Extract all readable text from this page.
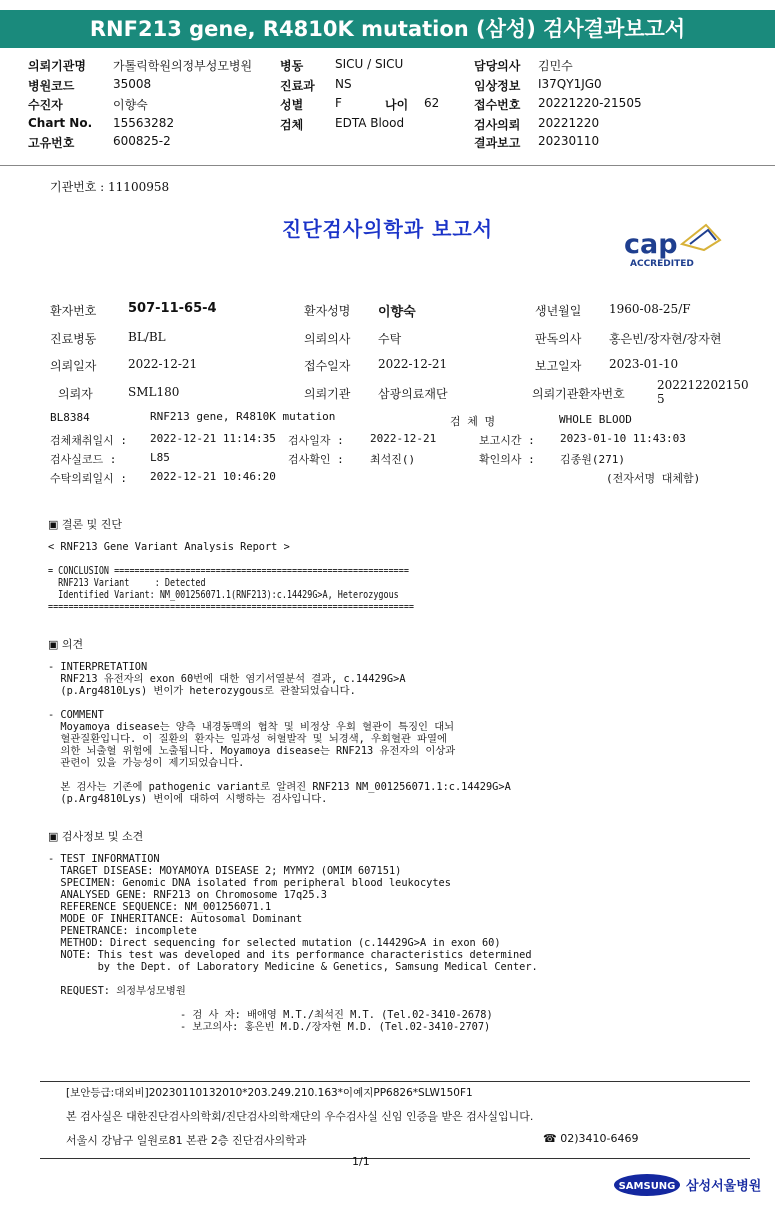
RNF213 gene, R4810K mutation (삼성) 검사결과보고서
의뢰기관명 가톨릭학원의정부성모병원
병원코드	35008
수진자	이향숙
Chart No. 15563282
고유번호	600825-2
병동	SICU / SICU
진료과 NS
성별	F	나이 62
검체	EDTA Blood
담당의사 김민수
임상정보 I37QY1JG0
접수번호 20221220-21505
검사의뢰 20221220
결과보고 20230110
기관번호 : 11100958
진단검사의학과 보고서	cap
ACCREDITED
환자번호 507-11-65-4	환자성명 이향숙	생년월일 1960-08-25/F
진료병동	BL/BL	의뢰의사 수탁	판독의사 홍은빈/장자현/장자현
의뢰일자	2022-12-21	접수일자 2022-12-21	보고일자 2023-01-10
의뢰자	SML180	의뢰기관 삼광의료재단	의뢰기관환자번호
202212202150
5
BL8384	RNF213 gene, R4810K mutation	검 체 명	WHOLE BLOOD
검체채취일시 : 2022-12-21 11:14:35 검사일자 : 2022-12-21	보고시간 : 2023-01-10 11:43:03
검사실코드 :	L85	검사확인 : 최석진()	확인의사 : 김종원(271)
수탁의뢰일시 : 2022-12-21 10:46:20	(전자서명 대체함)
▣ 결론 및 진단
< RNF213 Gene Variant Analysis Report >
= CONCLUSION ==========================================================
RNF213 Variant     : Detected
Identified Variant: NM_001256071.1(RNF213):c.14429G>A, Heterozygous
========================================================================
▣ 의견
- INTERPRETATION
RNF213 유전자의 exon 60번에 대한 염기서열분석 결과, c.14429G>A
(p.Arg4810Lys) 변이가 heterozygous로 관찰되었습니다.
- COMMENT
Moyamoya disease는 양측 내경동맥의 협착 및 비정상 우회 혈관이 특징인 대뇌
혈관질환입니다. 이 질환의 환자는 일과성 허혈발작 및 뇌경색, 우회혈관 파열에
의한 뇌출혈 위험에 노출됩니다. Moyamoya disease는 RNF213 유전자의 이상과
관련이 있을 가능성이 제기되었습니다.

본 검사는 기존에 pathogenic variant로 알려진 RNF213 NM_001256071.1:c.14429G>A
(p.Arg4810Lys) 변이에 대하여 시행하는 검사입니다.
▣ 검사정보 및 소견
- TEST INFORMATION
TARGET DISEASE: MOYAMOYA DISEASE 2; MYMY2 (OMIM 607151)
SPECIMEN: Genomic DNA isolated from peripheral blood leukocytes
ANALYSED GENE: RNF213 on Chromosome 17q25.3
REFERENCE SEQUENCE: NM_001256071.1
MODE OF INHERITANCE: Autosomal Dominant
PENETRANCE: incomplete
METHOD: Direct sequencing for selected mutation (c.14429G>A in exon 60)
NOTE: This test was developed and its performance characteristics determined
by the Dept. of Laboratory Medicine & Genetics, Samsung Medical Center.
REQUEST: 의정부성모병원
- 검 사 자: 배애영 M.T./최석진 M.T. (Tel.02-3410-2678)
- 보고의사: 홍은빈 M.D./장자현 M.D. (Tel.02-3410-2707)
[보안등급:대외비]20230110132010*203.249.210.163*이예지PP6826*SLW150F1
본 검사실은 대한진단검사의학회/진단검사의학재단의 우수검사실 신임 인증을 받은 검사실입니다.
서울시 강남구 일원로81 본관 2층 진단검사의학과	☎ 02)3410-6469
1/1
SAMSUNG 삼성서울병원
